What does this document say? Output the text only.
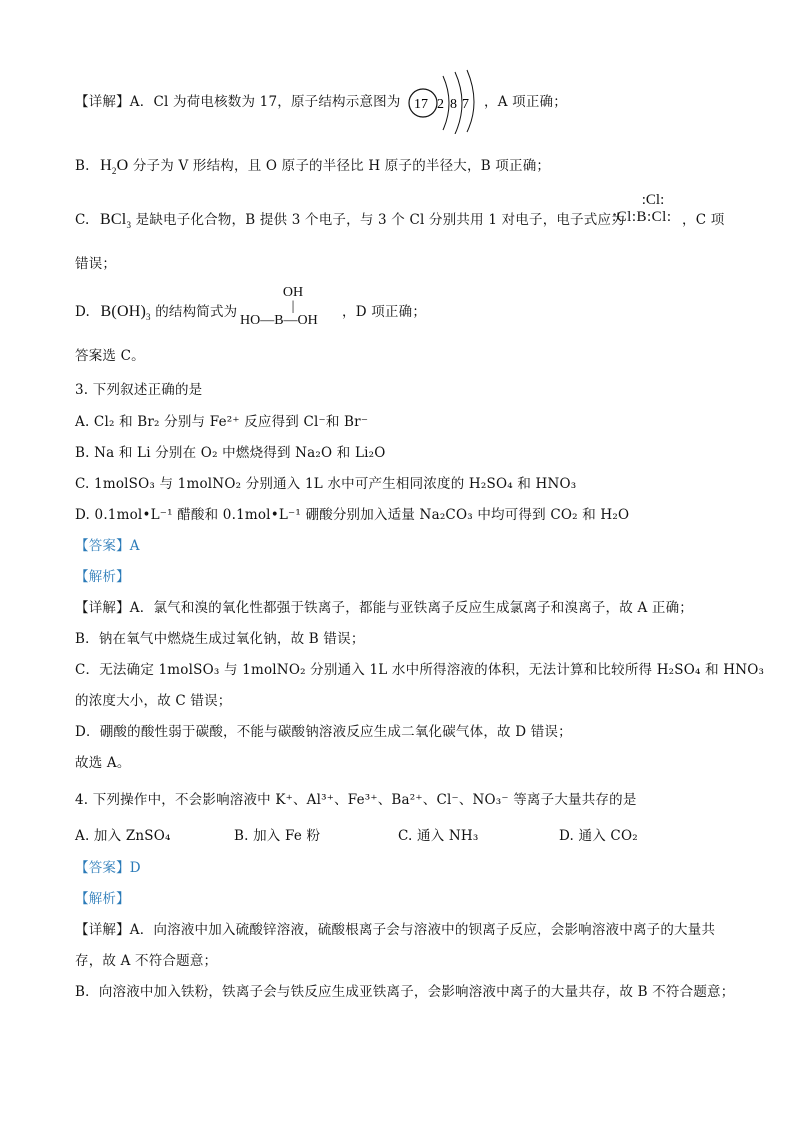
【详解】A．Cl 为荷电核数为 17，原子结构示意图为 17 2 8 7 ，A 项正确；
B. $H_2O$ 分子为 V 形结构，且 O 原子的半径比 H 原子的半径大，B 项正确；
C. BCl$_3$ 是缺电子化合物，B 提供 3 个电子，与 3 个 Cl 分别共用 1 对电子，电子式应为
:Cl:
:Cl:B:Cl: ，C 项
错误；
D. $B(OH)_3$ 的结构简式为
OH
|
HO—B—OH
，D 项正确；
答案选 C。
3. 下列叙述正确的是
A. Cl₂ 和 Br₂ 分别与 Fe²⁺ 反应得到 Cl⁻和 Br⁻
B. Na 和 Li 分别在 O₂ 中燃烧得到 Na₂O 和 Li₂O
C. 1molSO₃ 与 1molNO₂ 分别通入 1L 水中可产生相同浓度的 H₂SO₄ 和 HNO₃
D. 0.1mol•L⁻¹ 醋酸和 0.1mol•L⁻¹ 硼酸分别加入适量 Na₂CO₃ 中均可得到 CO₂ 和 H₂O
【答案】A
【解析】
【详解】A．氯气和溴的氧化性都强于铁离子，都能与亚铁离子反应生成氯离子和溴离子，故 A 正确；
B．钠在氧气中燃烧生成过氧化钠，故 B 错误；
C．无法确定 1molSO₃ 与 1molNO₂ 分别通入 1L 水中所得溶液的体积，无法计算和比较所得 H₂SO₄ 和 HNO₃
的浓度大小，故 C 错误；
D．硼酸的酸性弱于碳酸，不能与碳酸钠溶液反应生成二氧化碳气体，故 D 错误；
故选 A。
4. 下列操作中，不会影响溶液中 K⁺、Al³⁺、Fe³⁺、Ba²⁺、Cl⁻、NO₃⁻ 等离子大量共存的是
A. 加入 ZnSO₄	B. 加入 Fe 粉	C. 通入 NH₃	D. 通入 CO₂
【答案】D
【解析】
【详解】A．向溶液中加入硫酸锌溶液，硫酸根离子会与溶液中的钡离子反应，会影响溶液中离子的大量共
存，故 A 不符合题意；
B．向溶液中加入铁粉，铁离子会与铁反应生成亚铁离子，会影响溶液中离子的大量共存，故 B 不符合题意；
